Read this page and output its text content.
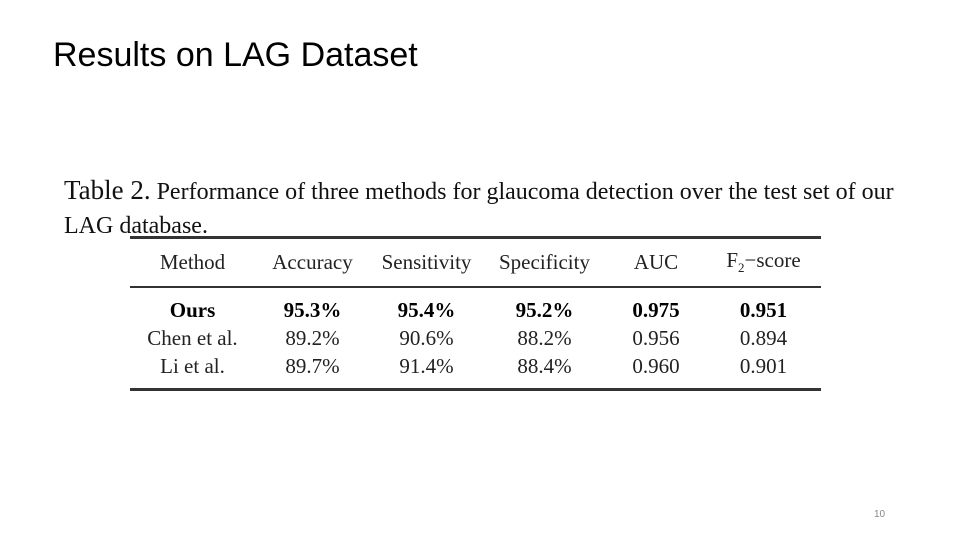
Results on LAG Dataset
Table 2. Performance of three methods for glaucoma detection over the test set of our LAG database.
Method	Accuracy	Sensitivity	Specificity	AUC	$F_2-score$
Ours	95.3%	95.4%	95.2%	0.975	0.951
Chen et al.	89.2%	90.6%	88.2%	0.956	0.894
Li et al.	89.7%	91.4%	88.4%	0.960	0.901
10
